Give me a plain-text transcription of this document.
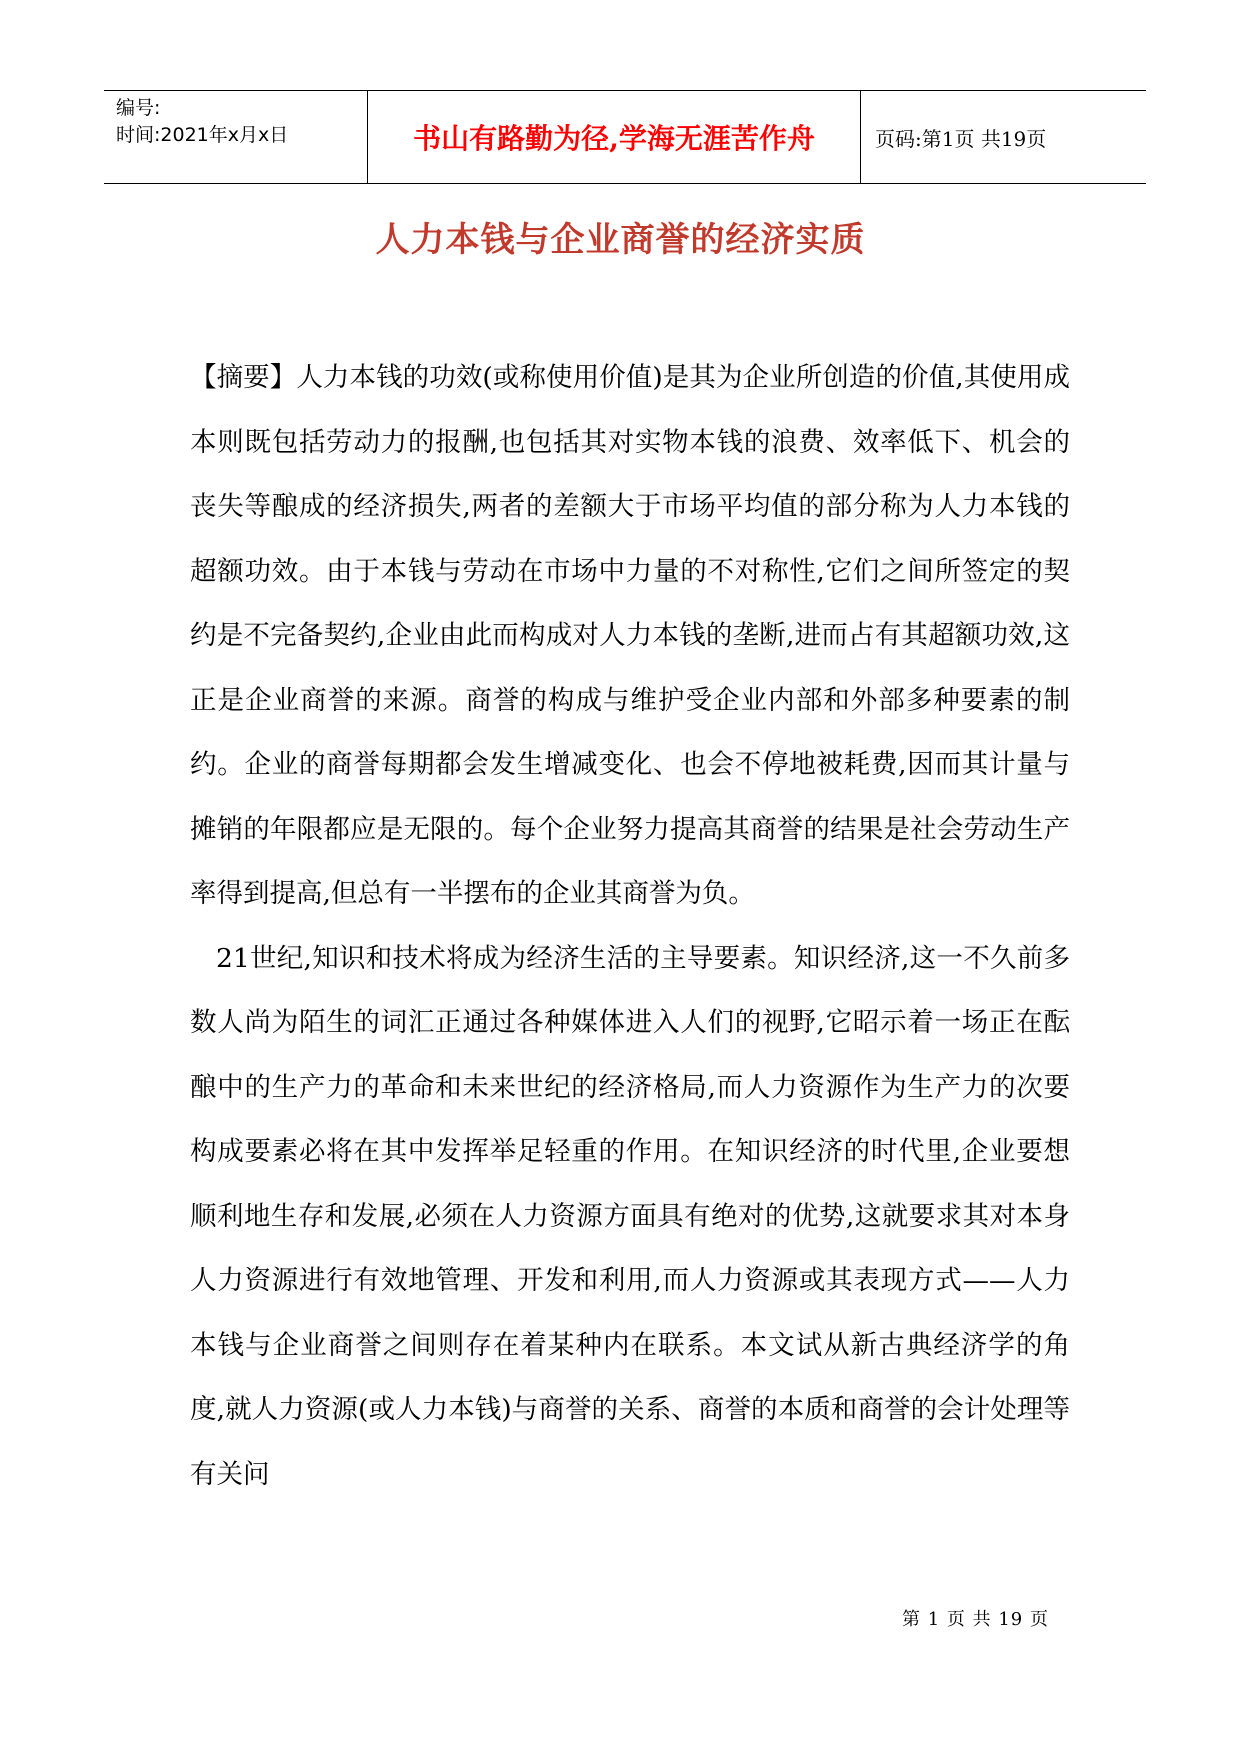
编号:
时间:2021年x月x日	书山有路勤为径,学海无涯苦作舟	页码:第1页 共19页
人力本钱与企业商誉的经济实质

【摘要】人力本钱的功效(或称使用价值)是其为企业所创造的价值,其使用成本则既包括劳动力的报酬,也包括其对实物本钱的浪费、效率低下、机会的丧失等酿成的经济损失,两者的差额大于市场平均值的部分称为人力本钱的超额功效。由于本钱与劳动在市场中力量的不对称性,它们之间所签定的契约是不完备契约,企业由此而构成对人力本钱的垄断,进而占有其超额功效,这正是企业商誉的来源。商誉的构成与维护受企业内部和外部多种要素的制约。企业的商誉每期都会发生增减变化、也会不停地被耗费,因而其计量与摊销的年限都应是无限的。每个企业努力提高其商誉的结果是社会劳动生产率得到提高,但总有一半摆布的企业其商誉为负。

21世纪,知识和技术将成为经济生活的主导要素。知识经济,这一不久前多数人尚为陌生的词汇正通过各种媒体进入人们的视野,它昭示着一场正在酝酿中的生产力的革命和未来世纪的经济格局,而人力资源作为生产力的次要构成要素必将在其中发挥举足轻重的作用。在知识经济的时代里,企业要想顺利地生存和发展,必须在人力资源方面具有绝对的优势,这就要求其对本身人力资源进行有效地管理、开发和利用,而人力资源或其表现方式——人力本钱与企业商誉之间则存在着某种内在联系。本文试从新古典经济学的角度,就人力资源(或人力本钱)与商誉的关系、商誉的本质和商誉的会计处理等有关问

第 1 页 共 19 页
